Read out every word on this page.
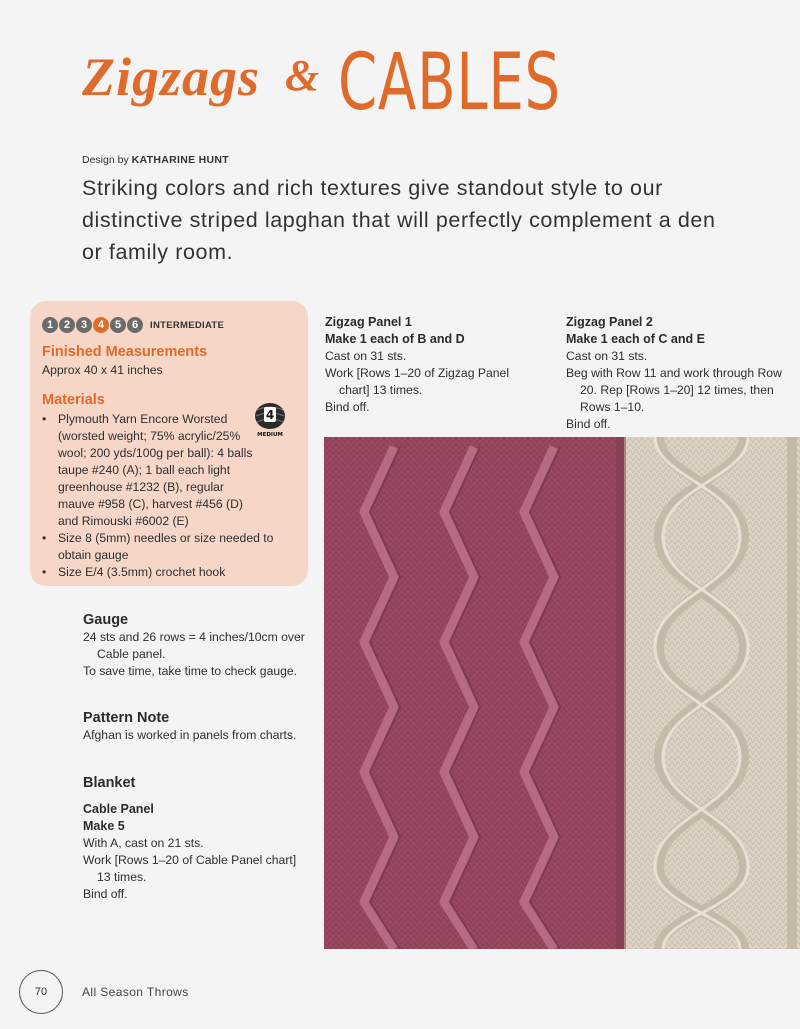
Zigzags & CABLES
Design by KATHARINE HUNT
Striking colors and rich textures give standout style to our distinctive striped lapghan that will perfectly complement a den or family room.
1 2 3 4 5 6	INTERMEDIATE
Finished Measurements
Approx 40 x 41 inches
Materials
• Plymouth Yarn Encore Worsted (worsted weight; 75% acrylic/25% wool; 200 yds/100g per ball): 4 balls taupe #240 (A); 1 ball each light greenhouse #1232 (B), regular mauve #958 (C), harvest #456 (D) and Rimouski #6002 (E)
• Size 8 (5mm) needles or size needed to obtain gauge
• Size E/4 (3.5mm) crochet hook
4
MEDIUM
Gauge
24 sts and 26 rows = 4 inches/10cm over Cable panel.
To save time, take time to check gauge.
Pattern Note
Afghan is worked in panels from charts.
Blanket
Cable Panel
Make 5
With A, cast on 21 sts.
Work [Rows 1–20 of Cable Panel chart] 13 times.
Bind off.
Zigzag Panel 1
Make 1 each of B and D
Cast on 31 sts.
Work [Rows 1–20 of Zigzag Panel chart] 13 times.
Bind off.
Zigzag Panel 2
Make 1 each of C and E
Cast on 31 sts.
Beg with Row 11 and work through Row 20. Rep [Rows 1–20] 12 times, then Rows 1–10.
Bind off.
70	All Season Throws
